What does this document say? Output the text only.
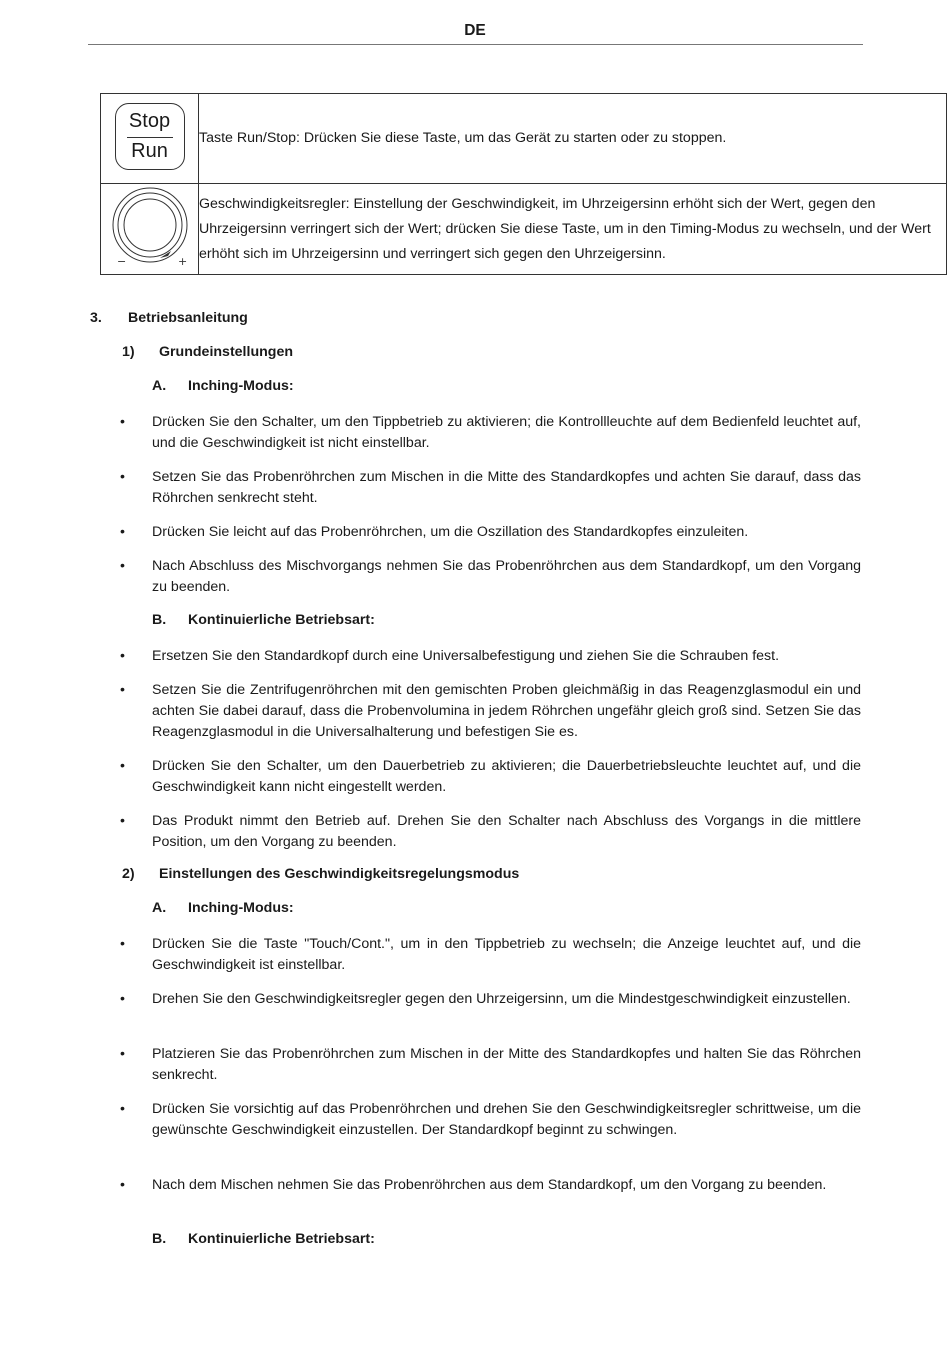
DE
Stop
Run	Taste Run/Stop: Drücken Sie diese Taste, um das Gerät zu starten oder zu stoppen.

− +	Geschwindigkeitsregler: Einstellung der Geschwindigkeit, im Uhrzeigersinn erhöht sich der Wert, gegen den Uhrzeigersinn verringert sich der Wert; drücken Sie diese Taste, um in den Timing-Modus zu wechseln, und der Wert erhöht sich im Uhrzeigersinn und verringert sich gegen den Uhrzeigersinn.
3. Betriebsanleitung
1) Grundeinstellungen
A. Inching-Modus:
• Drücken Sie den Schalter, um den Tippbetrieb zu aktivieren; die Kontrollleuchte auf dem Bedienfeld leuchtet auf, und die Geschwindigkeit ist nicht einstellbar.
• Setzen Sie das Probenröhrchen zum Mischen in die Mitte des Standardkopfes und achten Sie darauf, dass das Röhrchen senkrecht steht.
• Drücken Sie leicht auf das Probenröhrchen, um die Oszillation des Standardkopfes einzuleiten.
• Nach Abschluss des Mischvorgangs nehmen Sie das Probenröhrchen aus dem Standardkopf, um den Vorgang zu beenden.
B. Kontinuierliche Betriebsart:
• Ersetzen Sie den Standardkopf durch eine Universalbefestigung und ziehen Sie die Schrauben fest.
• Setzen Sie die Zentrifugenröhrchen mit den gemischten Proben gleichmäßig in das Reagenzglasmodul ein und achten Sie dabei darauf, dass die Probenvolumina in jedem Röhrchen ungefähr gleich groß sind. Setzen Sie das Reagenzglasmodul in die Universalhalterung und befestigen Sie es.
• Drücken Sie den Schalter, um den Dauerbetrieb zu aktivieren; die Dauerbetriebsleuchte leuchtet auf, und die Geschwindigkeit kann nicht eingestellt werden.
• Das Produkt nimmt den Betrieb auf. Drehen Sie den Schalter nach Abschluss des Vorgangs in die mittlere Position, um den Vorgang zu beenden.
2) Einstellungen des Geschwindigkeitsregelungsmodus
A. Inching-Modus:
• Drücken Sie die Taste "Touch/Cont.", um in den Tippbetrieb zu wechseln; die Anzeige leuchtet auf, und die Geschwindigkeit ist einstellbar.
• Drehen Sie den Geschwindigkeitsregler gegen den Uhrzeigersinn, um die Mindestgeschwindigkeit einzustellen.
• Platzieren Sie das Probenröhrchen zum Mischen in der Mitte des Standardkopfes und halten Sie das Röhrchen senkrecht.
• Drücken Sie vorsichtig auf das Probenröhrchen und drehen Sie den Geschwindigkeitsregler schrittweise, um die gewünschte Geschwindigkeit einzustellen. Der Standardkopf beginnt zu schwingen.
• Nach dem Mischen nehmen Sie das Probenröhrchen aus dem Standardkopf, um den Vorgang zu beenden.
B. Kontinuierliche Betriebsart:
